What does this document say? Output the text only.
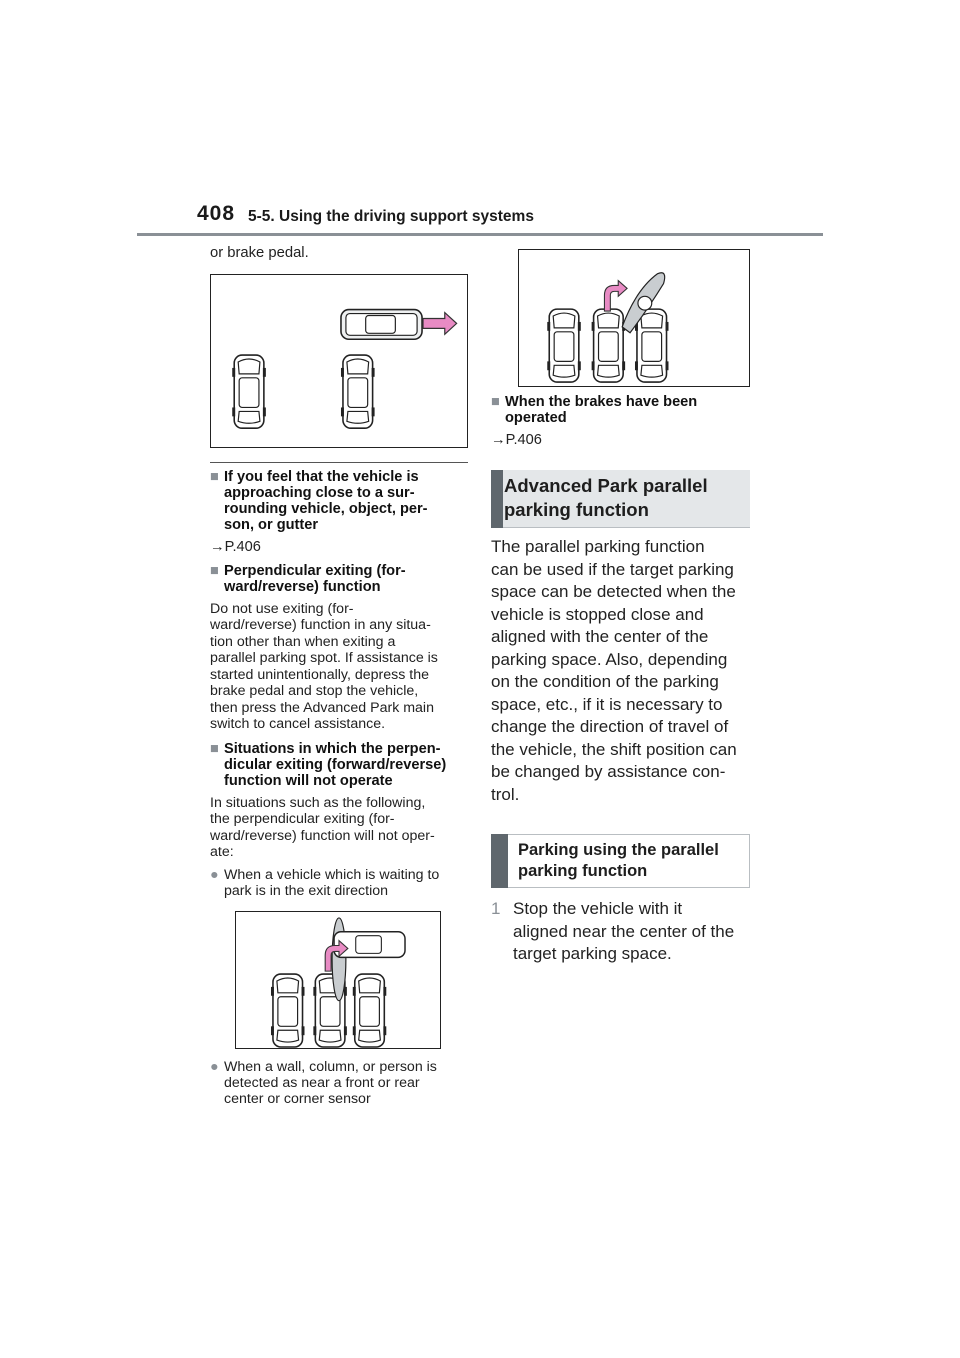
408 5-5. Using the driving support systems
or brake pedal.
■ If you feel that the vehicle is
approaching close to a sur-
rounding vehicle, object, per-
son, or gutter
→P.406
■ Perpendicular exiting (for-
ward/reverse) function
Do not use exiting (for-
ward/reverse) function in any situa-
tion other than when exiting a
parallel parking spot. If assistance is
started unintentionally, depress the
brake pedal and stop the vehicle,
then press the Advanced Park main
switch to cancel assistance.
■ Situations in which the perpen-
dicular exiting (forward/reverse)
function will not operate
In situations such as the following,
the perpendicular exiting (for-
ward/reverse) function will not oper-
ate:
● When a vehicle which is waiting to
park is in the exit direction
● When a wall, column, or person is
detected as near a front or rear
center or corner sensor
■ When the brakes have been
operated
→P.406
Advanced Park parallel
parking function
The parallel parking function
can be used if the target parking
space can be detected when the
vehicle is stopped close and
aligned with the center of the
parking space. Also, depending
on the condition of the parking
space, etc., if it is necessary to
change the direction of travel of
the vehicle, the shift position can
be changed by assistance con-
trol.
Parking using the parallel
parking function
1 Stop the vehicle with it
aligned near the center of the
target parking space.
